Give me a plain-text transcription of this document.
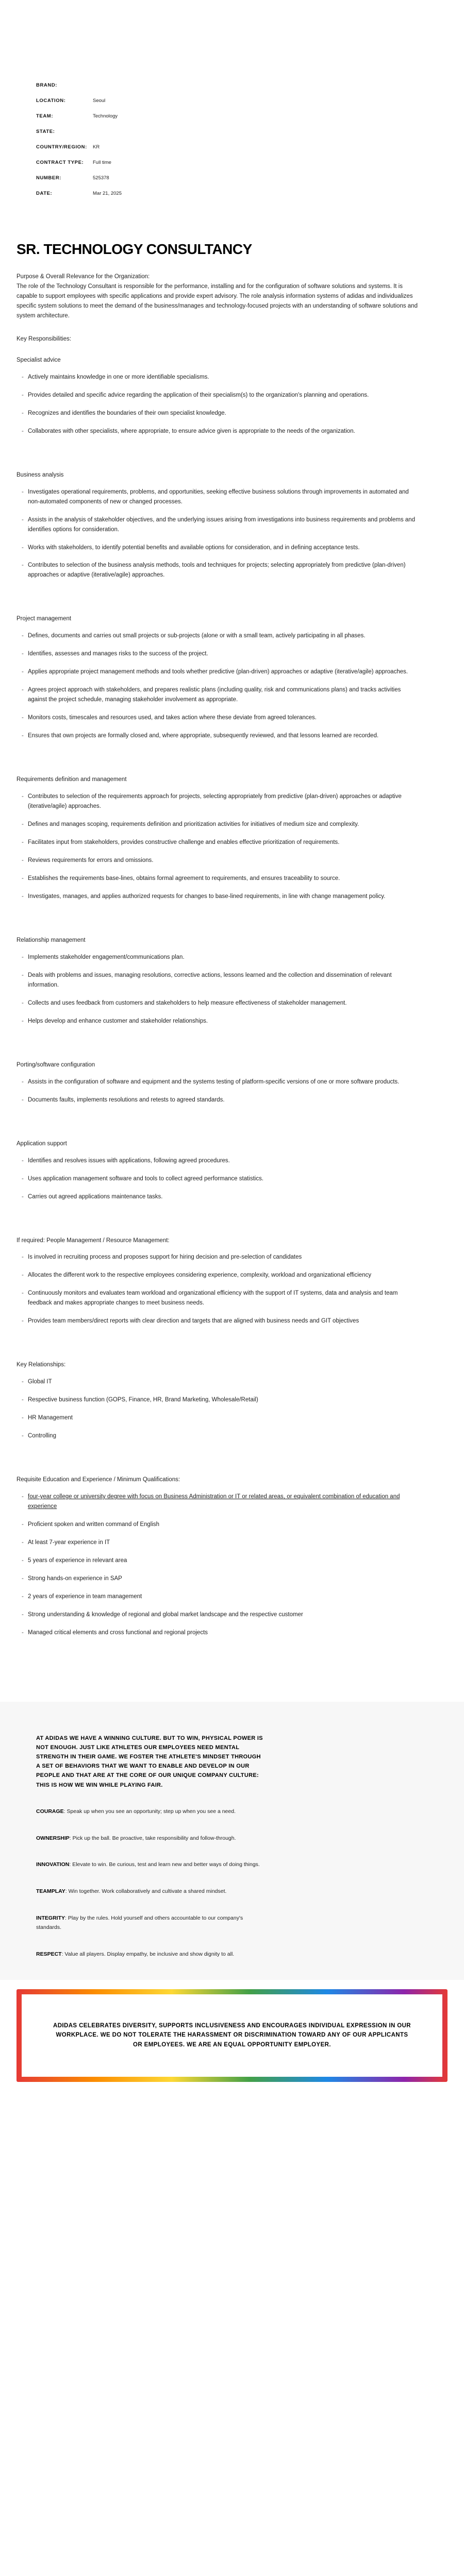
BRAND:
LOCATION:	Seoul
TEAM:	Technology
STATE:
COUNTRY/REGION:	KR
CONTRACT TYPE:	Full time
NUMBER:	525378
DATE:	Mar 21, 2025
SR. TECHNOLOGY CONSULTANCY

Purpose & Overall Relevance for the Organization:

The role of the Technology Consultant is responsible for the performance, installing and for the configuration of software solutions and systems. It is capable to support employees with specific applications and provide expert advisory. The role analysis information systems of adidas and individualizes specific system solutions to meet the demand of the business/manages and technology-focused projects with an understanding of software solutions and system architecture.

Key Responsibilities:
Specialist advice
- Actively maintains knowledge in one or more identifiable specialisms.
- Provides detailed and specific advice regarding the application of their specialism(s) to the organization's planning and operations.
- Recognizes and identifies the boundaries of their own specialist knowledge.
- Collaborates with other specialists, where appropriate, to ensure advice given is appropriate to the needs of the organization.
Business analysis
- Investigates operational requirements, problems, and opportunities, seeking effective business solutions through improvements in automated and non-automated components of new or changed processes.
- Assists in the analysis of stakeholder objectives, and the underlying issues arising from investigations into business requirements and problems and identifies options for consideration.
- Works with stakeholders, to identify potential benefits and available options for consideration, and in defining acceptance tests.
- Contributes to selection of the business analysis methods, tools and techniques for projects; selecting appropriately from predictive (plan-driven) approaches or adaptive (iterative/agile) approaches.
Project management
- Defines, documents and carries out small projects or sub-projects (alone or with a small team, actively participating in all phases.
- Identifies, assesses and manages risks to the success of the project.
- Applies appropriate project management methods and tools whether predictive (plan-driven) approaches or adaptive (iterative/agile) approaches.
- Agrees project approach with stakeholders, and prepares realistic plans (including quality, risk and communications plans) and tracks activities against the project schedule, managing stakeholder involvement as appropriate.
- Monitors costs, timescales and resources used, and takes action where these deviate from agreed tolerances.
- Ensures that own projects are formally closed and, where appropriate, subsequently reviewed, and that lessons learned are recorded.
Requirements definition and management
- Contributes to selection of the requirements approach for projects, selecting appropriately from predictive (plan-driven) approaches or adaptive (iterative/agile) approaches.
- Defines and manages scoping, requirements definition and prioritization activities for initiatives of medium size and complexity.
- Facilitates input from stakeholders, provides constructive challenge and enables effective prioritization of requirements.
- Reviews requirements for errors and omissions.
- Establishes the requirements base-lines, obtains formal agreement to requirements, and ensures traceability to source.
- Investigates, manages, and applies authorized requests for changes to base-lined requirements, in line with change management policy.
Relationship management
- Implements stakeholder engagement/communications plan.
- Deals with problems and issues, managing resolutions, corrective actions, lessons learned and the collection and dissemination of relevant information.
- Collects and uses feedback from customers and stakeholders to help measure effectiveness of stakeholder management.
- Helps develop and enhance customer and stakeholder relationships.
Porting/software configuration
- Assists in the configuration of software and equipment and the systems testing of platform-specific versions of one or more software products.
- Documents faults, implements resolutions and retests to agreed standards.
Application support
- Identifies and resolves issues with applications, following agreed procedures.
- Uses application management software and tools to collect agreed performance statistics.
- Carries out agreed applications maintenance tasks.
If required: People Management / Resource Management:
- Is involved in recruiting process and proposes support for hiring decision and pre-selection of candidates
- Allocates the different work to the respective employees considering experience, complexity, workload and organizational efficiency
- Continuously monitors and evaluates team workload and organizational efficiency with the support of IT systems, data and analysis and team feedback and makes appropriate changes to meet business needs.
- Provides team members/direct reports with clear direction and targets that are aligned with business needs and GIT objectives
Key Relationships:
- Global IT
- Respective business function (GOPS, Finance, HR, Brand Marketing, Wholesale/Retail)
- HR Management
- Controlling
Requisite Education and Experience / Minimum Qualifications:
- four-year college or university degree with focus on Business Administration or IT or related areas, or equivalent combination of education and experience
- Proficient spoken and written command of English
- At least 7-year experience in IT
- 5 years of experience in relevant area
- Strong hands-on experience in SAP
- 2 years of experience in team management
- Strong understanding & knowledge of regional and global market landscape and the respective customer
- Managed critical elements and cross functional and regional projects
AT ADIDAS WE HAVE A WINNING CULTURE. BUT TO WIN, PHYSICAL POWER IS NOT ENOUGH. JUST LIKE ATHLETES OUR EMPLOYEES NEED MENTAL STRENGTH IN THEIR GAME. WE FOSTER THE ATHLETE'S MINDSET THROUGH A SET OF BEHAVIORS THAT WE WANT TO ENABLE AND DEVELOP IN OUR PEOPLE AND THAT ARE AT THE CORE OF OUR UNIQUE COMPANY CULTURE: THIS IS HOW WE WIN WHILE PLAYING FAIR.
COURAGE: Speak up when you see an opportunity; step up when you see a need.
OWNERSHIP: Pick up the ball. Be proactive, take responsibility and follow-through.
INNOVATION: Elevate to win. Be curious, test and learn new and better ways of doing things.
TEAMPLAY: Win together. Work collaboratively and cultivate a shared mindset.
INTEGRITY: Play by the rules. Hold yourself and others accountable to our company's standards.
RESPECT: Value all players. Display empathy, be inclusive and show dignity to all.
ADIDAS CELEBRATES DIVERSITY, SUPPORTS INCLUSIVENESS AND ENCOURAGES INDIVIDUAL EXPRESSION IN OUR WORKPLACE. WE DO NOT TOLERATE THE HARASSMENT OR DISCRIMINATION TOWARD ANY OF OUR APPLICANTS OR EMPLOYEES. WE ARE AN EQUAL OPPORTUNITY EMPLOYER.
